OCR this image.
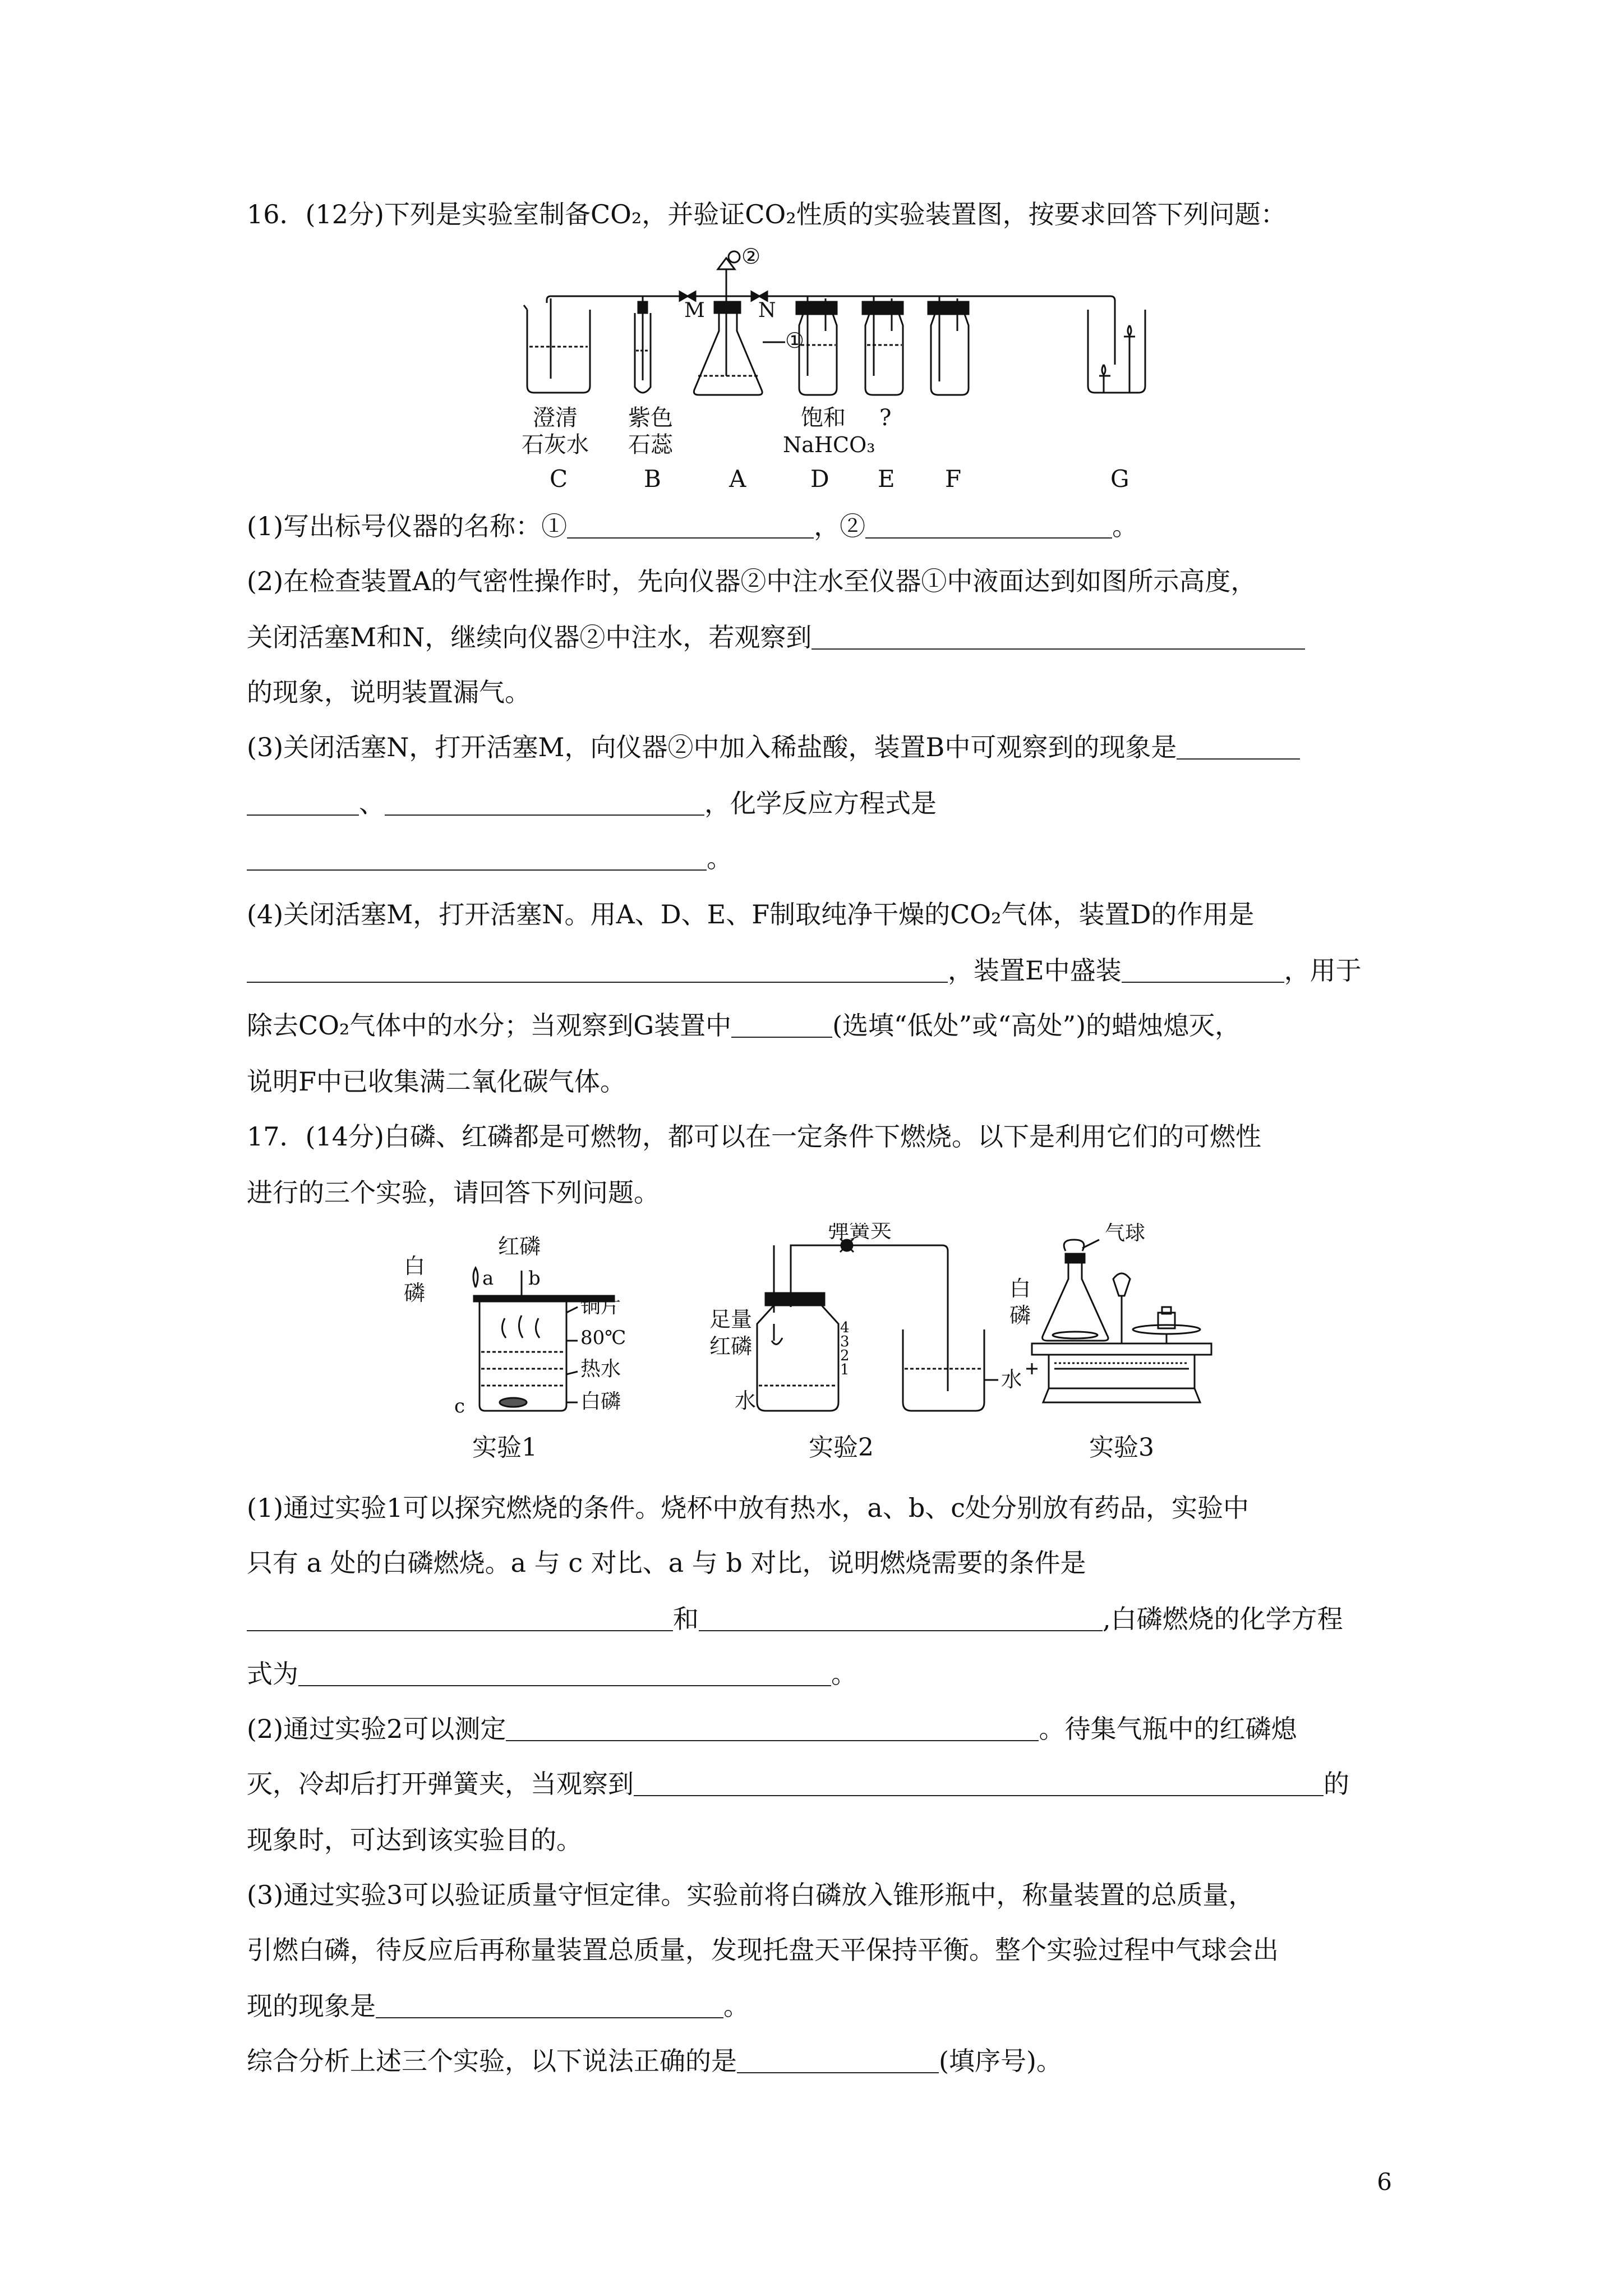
16．(12分)下列是实验室制备CO₂，并验证CO₂性质的实验装置图，按要求回答下列问题：
M	N
①
②
澄清
石灰水
紫色
石蕊
饱和
NaHCO₃
?
C	B	A	D E F	G
(1)写出标号仪器的名称：①	，②	。
(2)在检查装置A的气密性操作时，先向仪器②中注水至仪器①中液面达到如图所示高度，
关闭活塞M和N，继续向仪器②中注水，若观察到
的现象，说明装置漏气。
(3)关闭活塞N，打开活塞M，向仪器②中加入稀盐酸，装置B中可观察到的现象是
、	，化学反应方程式是
。
(4)关闭活塞M，打开活塞N。用A、D、E、F制取纯净干燥的CO₂气体，装置D的作用是
，装置E中盛装	，用于
除去CO₂气体中的水分；当观察到G装置中	(选填“低处”或“高处”)的蜡烛熄灭，
说明F中已收集满二氧化碳气体。
17．(14分)白磷、红磷都是可燃物，都可以在一定条件下燃烧。以下是利用它们的可燃性
进行的三个实验，请回答下列问题。
白
磷
a
红磷
b
铜片
80℃
热水
c	白磷
实验1
弹簧夹
足量
红磷
4
3
2
1
水
水
实验2
气球
白
磷
实验3
(1)通过实验1可以探究燃烧的条件。烧杯中放有热水，a、b、c处分别放有药品，实验中
只有 a 处的白磷燃烧。a 与 c 对比、a 与 b 对比，说明燃烧需要的条件是
和	,白磷燃烧的化学方程
式为	。
(2)通过实验2可以测定	。待集气瓶中的红磷熄
灭，冷却后打开弹簧夹，当观察到	的
现象时，可达到该实验目的。
(3)通过实验3可以验证质量守恒定律。实验前将白磷放入锥形瓶中，称量装置的总质量，
引燃白磷，待反应后再称量装置总质量，发现托盘天平保持平衡。整个实验过程中气球会出
现的现象是	。
综合分析上述三个实验，以下说法正确的是	(填序号)。
6
